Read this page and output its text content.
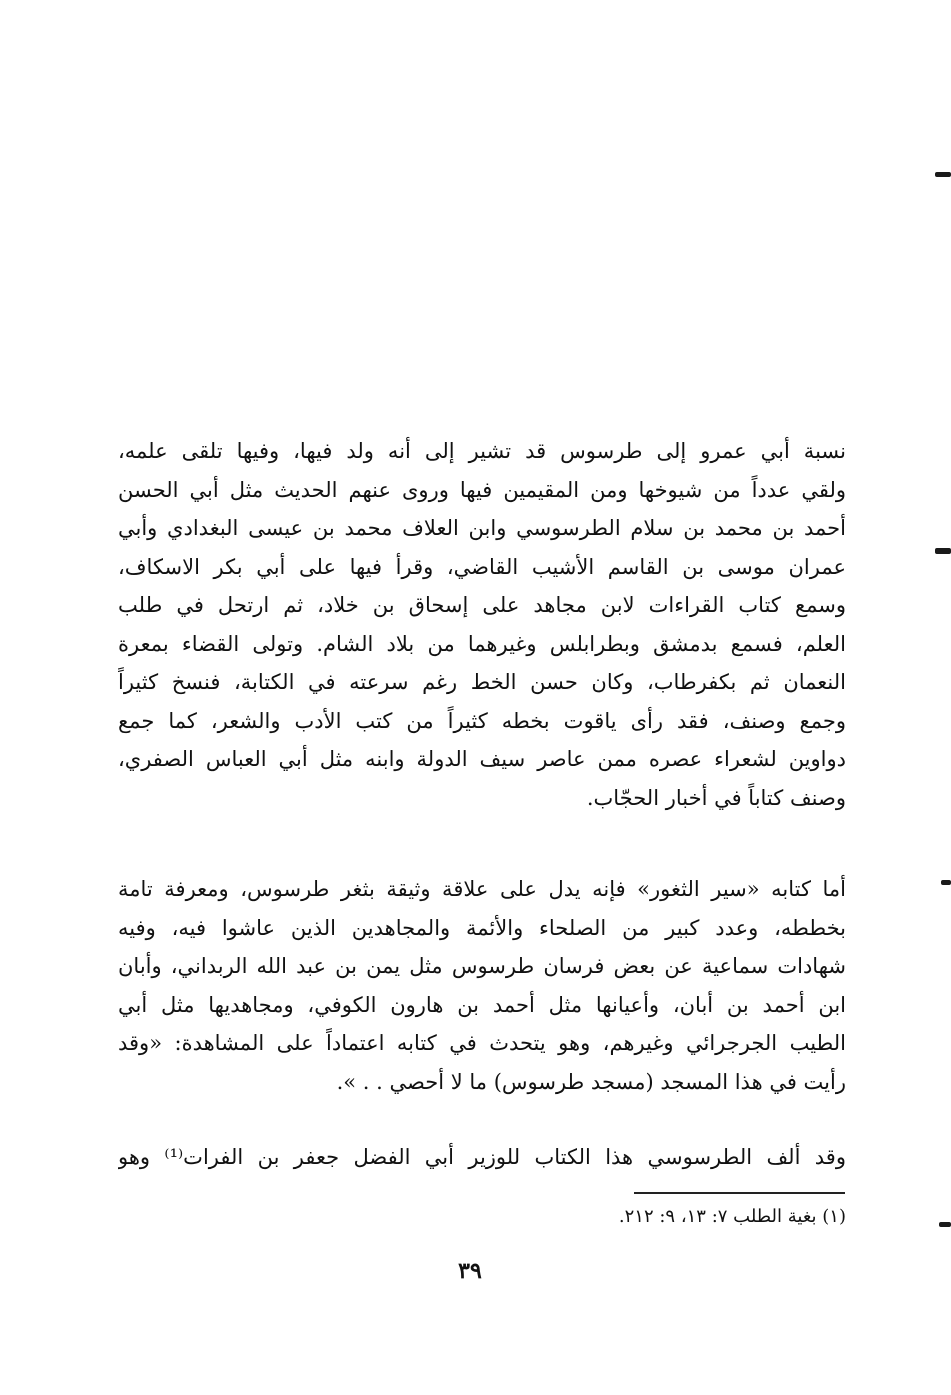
نسبة أبي عمرو إلى طرسوس قد تشير إلى أنه ولد فيها، وفيها تلقى علمه،
ولقي عدداً من شيوخها ومن المقيمين فيها وروى عنهم الحديث مثل أبي الحسن
أحمد بن محمد بن سلام الطرسوسي وابن العلاف محمد بن عيسى البغدادي وأبي
عمران موسى بن القاسم الأشيب القاضي، وقرأ فيها على أبي بكر الاسكاف،
وسمع كتاب القراءات لابن مجاهد على إسحاق بن خلاد، ثم ارتحل في طلب
العلم، فسمع بدمشق وبطرابلس وغيرهما من بلاد الشام. وتولى القضاء بمعرة
النعمان ثم بكفرطاب، وكان حسن الخط رغم سرعته في الكتابة، فنسخ كثيراً
وجمع وصنف، فقد رأى ياقوت بخطه كثيراً من كتب الأدب والشعر، كما جمع
دواوين لشعراء عصره ممن عاصر سيف الدولة وابنه مثل أبي العباس الصفري،
وصنف كتاباً في أخبار الحجّاب.
أما كتابه «سير الثغور» فإنه يدل على علاقة وثيقة بثغر طرسوس، ومعرفة تامة
بخططه، وعدد كبير من الصلحاء والأئمة والمجاهدين الذين عاشوا فيه، وفيه
شهادات سماعية عن بعض فرسان طرسوس مثل يمن بن عبد الله الربداني، وأبان
ابن أحمد بن أبان، وأعيانها مثل أحمد بن هارون الكوفي، ومجاهديها مثل أبي
الطيب الجرجرائي وغيرهم، وهو يتحدث في كتابه اعتماداً على المشاهدة: «وقد
رأيت في هذا المسجد (مسجد طرسوس) ما لا أحصي . . ».
وقد ألف الطرسوسي هذا الكتاب للوزير أبي الفضل جعفر بن الفرات⁽¹⁾ وهو
(١) بغية الطلب ٧: ١٣، ٩: ٢١٢.
٣٩
